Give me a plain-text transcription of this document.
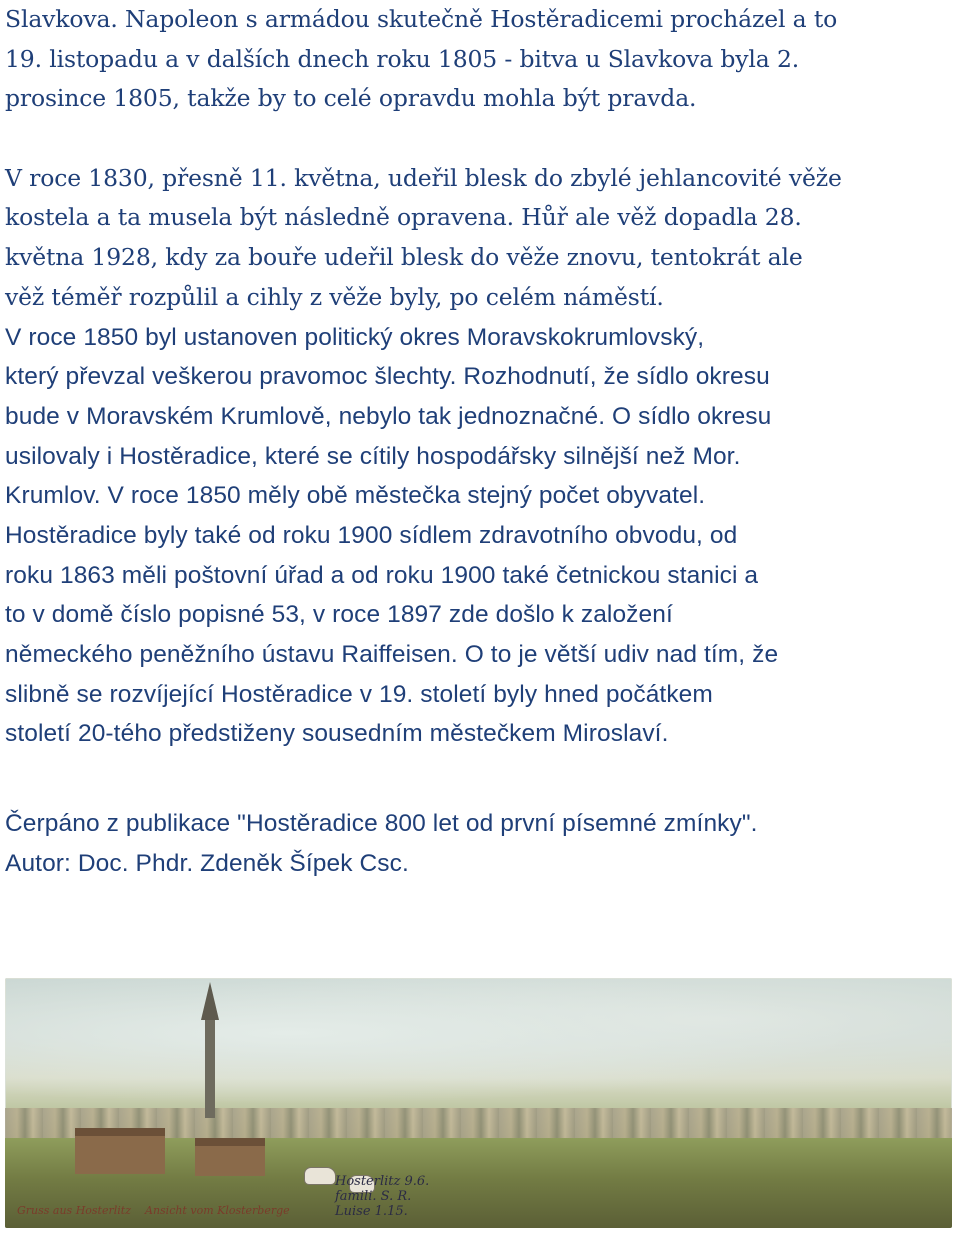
Slavkova. Napoleon s armádou skutečně Hostěradicemi procházel a to
19. listopadu a v dalších dnech roku 1805 - bitva u Slavkova byla 2.
prosince 1805, takže by to celé opravdu mohla být pravda.
V roce 1830, přesně 11. května, udeřil blesk do zbylé jehlancovité věže
kostela a ta musela být následně opravena. Hůř ale věž dopadla 28.
května 1928, kdy za bouře udeřil blesk do věže znovu, tentokrát ale
věž téměř rozpůlil a cihly z věže byly, po celém náměstí.
V roce 1850 byl ustanoven politický okres Moravskokrumlovský,
který převzal veškerou pravomoc šlechty. Rozhodnutí, že sídlo okresu
bude v Moravském Krumlově, nebylo tak jednoznačné. O sídlo okresu
usilovaly i Hostěradice, které se cítily hospodářsky silnější než Mor.
Krumlov. V roce 1850 měly obě městečka stejný počet obyvatel.
Hostěradice byly také od roku 1900 sídlem zdravotního obvodu, od
roku 1863 měli poštovní úřad a od roku 1900 také četnickou stanici a
to v domě číslo popisné 53, v roce 1897 zde došlo k založení
německého peněžního ústavu Raiffeisen. O to je větší udiv nad tím, že
slibně se rozvíjející Hostěradice v 19. století byly hned počátkem
století 20-tého předstiženy sousedním městečkem Miroslaví.
Čerpáno z publikace "Hostěradice 800 let od první písemné zmínky".
Autor: Doc. Phdr. Zdeněk Šípek Csc.
Gruss aus Hosterlitz Ansicht vom Klosterberge
Hosterlitz 9.6.
famili. S. R.
Luise 1.15.
